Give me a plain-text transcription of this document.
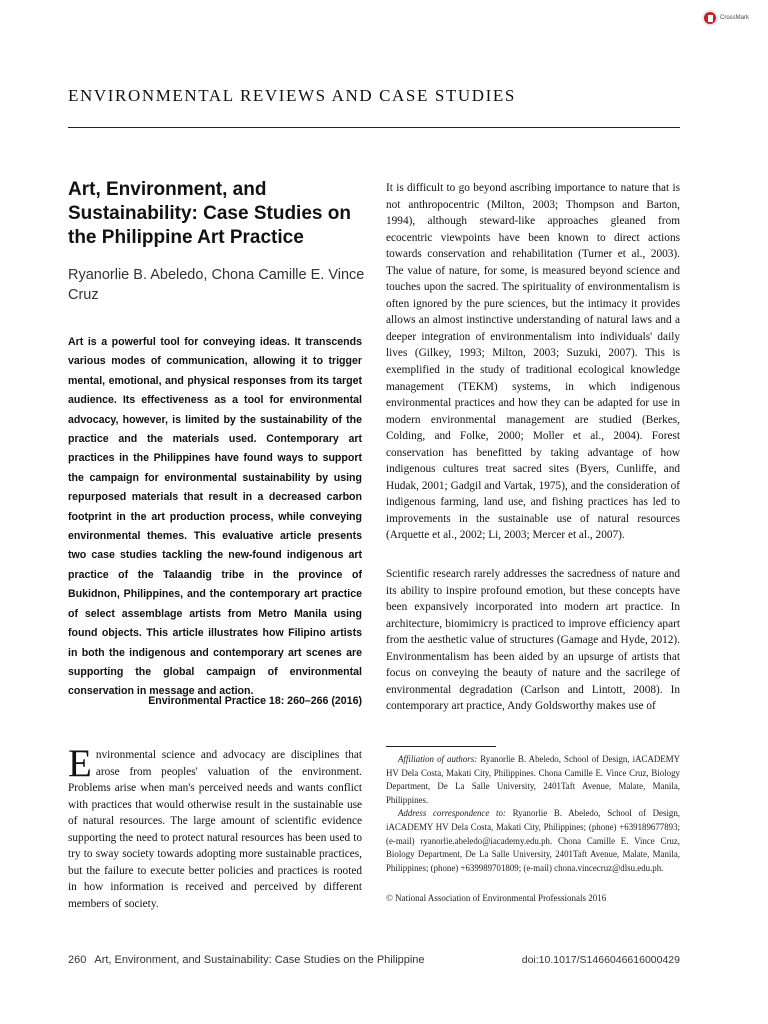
CrossMark
ENVIRONMENTAL REVIEWS AND CASE STUDIES
Art, Environment, and Sustainability: Case Studies on the Philippine Art Practice
Ryanorlie B. Abeledo, Chona Camille E. Vince Cruz
Art is a powerful tool for conveying ideas. It transcends various modes of communication, allowing it to trigger mental, emotional, and physical responses from its target audience. Its effectiveness as a tool for environmental advocacy, however, is limited by the sustainability of the practice and the materials used. Contemporary art practices in the Philippines have found ways to support the campaign for environmental sustainability by using repurposed materials that result in a decreased carbon footprint in the art production process, while conveying environmental themes. This evaluative article presents two case studies tackling the new-found indigenous art practice of the Talaandig tribe in the province of Bukidnon, Philippines, and the contemporary art practice of select assemblage artists from Metro Manila using found objects. This article illustrates how Filipino artists in both the indigenous and contemporary art scenes are supporting the global campaign of environmental conservation in message and action.
Environmental Practice 18: 260–266 (2016)
Environmental science and advocacy are disciplines that arose from peoples' valuation of the environment. Problems arise when man's perceived needs and wants conflict with practices that would otherwise result in the sustainable use of natural resources. The large amount of scientific evidence supporting the need to protect natural resources has been used to try to sway society towards adopting more sustainable practices, but the failure to execute better policies and practices is rooted in how information is received and perceived by different members of society.
It is difficult to go beyond ascribing importance to nature that is not anthropocentric (Milton, 2003; Thompson and Barton, 1994), although steward-like approaches gleaned from ecocentric viewpoints have been known to direct actions towards conservation and rehabilitation (Turner et al., 2003). The value of nature, for some, is measured beyond science and touches upon the sacred. The spirituality of environmentalism is often ignored by the pure sciences, but the intimacy it provides allows an almost instinctive understanding of natural laws and a deeper integration of environmentalism into individuals' daily lives (Gilkey, 1993; Milton, 2003; Suzuki, 2007). This is exemplified in the study of traditional ecological knowledge management (TEKM) systems, in which indigenous environmental practices and how they can be adapted for use in modern environmental management are studied (Berkes, Colding, and Folke, 2000; Moller et al., 2004). Forest conservation has benefitted by taking advantage of how indigenous cultures treat sacred sites (Byers, Cunliffe, and Hudak, 2001; Gadgil and Vartak, 1975), and the consideration of indigenous farming, land use, and fishing practices has led to improvements in the sustainable use of natural resources (Arquette et al., 2002; Li, 2003; Mercer et al., 2007).
Scientific research rarely addresses the sacredness of nature and its ability to inspire profound emotion, but these concepts have been expansively incorporated into modern art practice. In architecture, biomimicry is practiced to improve efficiency apart from the aesthetic value of structures (Gamage and Hyde, 2012). Environmentalism has been aided by an upsurge of artists that focus on conveying the beauty of nature and the sacrilege of environmental degradation (Carlson and Lintott, 2008). In contemporary art practice, Andy Goldsworthy makes use of

Affiliation of authors: Ryanorlie B. Abeledo, School of Design, iACADEMY HV Dela Costa, Makati City, Philippines. Chona Camille E. Vince Cruz, Biology Department, De La Salle University, 2401Taft Avenue, Malate, Manila, Philippines.

Address correspondence to: Ryanorlie B. Abeledo, School of Design, iACADEMY HV Dela Costa, Makati City, Philippines; (phone) +639189677893; (e-mail) ryanorlie.abeledo@iacademy.edu.ph. Chona Camille E. Vince Cruz, Biology Department, De La Salle University, 2401Taft Avenue, Malate, Manila, Philippines; (phone) +639989701809; (e-mail) chona.vincecruz@dlsu.edu.ph.

© National Association of Environmental Professionals 2016
260 Art, Environment, and Sustainability: Case Studies on the Philippine	doi:10.1017/S1466046616000429
